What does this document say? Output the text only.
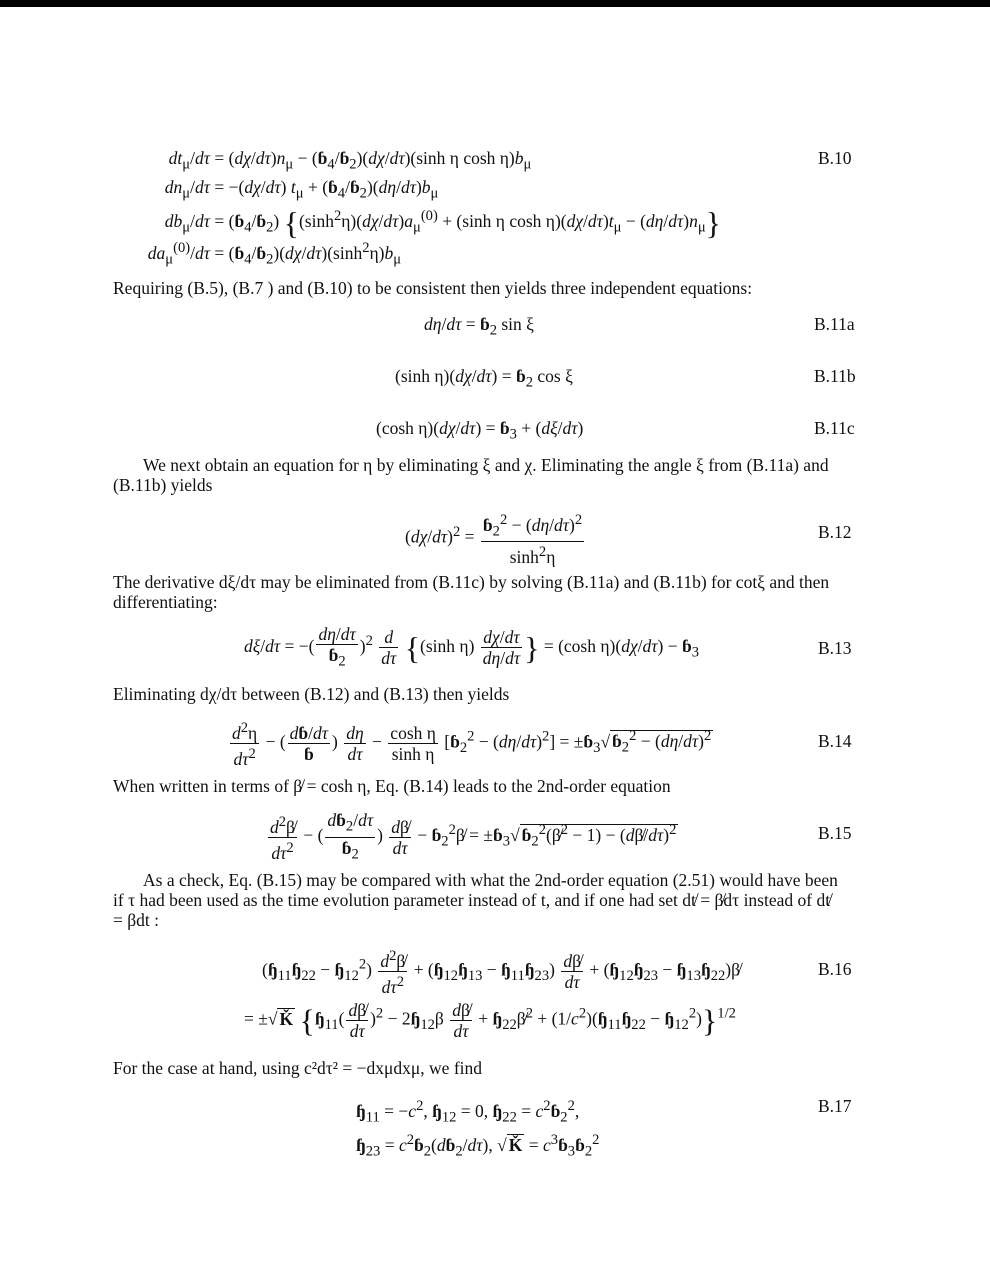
$dt_\mu/d\tau = (d\chi/d\tau)n_\mu$ − (ɓ$_4$/ɓ$_2$)(dχ/dτ)(sinh η $\cosh \eta)b_\mu$	B.10
$dn_\mu/d\tau = -(d\chi/d\tau) t_\mu$ + $(ɓ_4/ɓ_2)(d\eta/d\tau)b_\mu$
$db_\mu/d\tau$ = (ɓ$_4$/ɓ$_2$) {$(\sinh^2\eta)(d\chi/d\tau)a_\mu^{(0)} + (\sinh$ η $\cosh \eta)(d\chi/d\tau)t_\mu - (d\eta/d\tau)n_\mu$}
$da_\mu^{(0)}/d\tau$ = $(ɓ_4/ɓ_2)(d\chi/d\tau)(\sinh^2\eta)b_\mu$

Requiring (B.5), (B.7 ) and (B.10) to be consistent then yields three independent equations:

dη/dτ = ɓ$_2$ sin ξ	B.11a
(sinh η)(dχ/dτ) = ɓ$_2$ cos ξ	B.11b
(cosh η)(dχ/dτ) = ɓ$_3$ + (dξ/dτ)	B.11c

We next obtain an equation for η by eliminating ξ and χ. Eliminating the angle ξ from (B.11a) and (B.11b) yields

$(d\chi/d\tau)^2 = \frac{ɓ_2^2 - (d\eta/d\tau)^2}{\sinh^2\eta}$	B.12

The derivative dξ/dτ may be eliminated from (B.11c) by solving (B.11a) and (B.11b) for cotξ and then differentiating:

dξ/dτ = −( $\frac{d\eta/d\tau}{ɓ_2} )^2 \frac{d}{d\tau} \{(\sinh$ $\eta) \frac{d\chi/d\tau}{d\eta/d\tau}$ } = (cosh η)(dχ/dτ) − ɓ$_3$	B.13

Eliminating dχ/dτ between (B.12) and (B.13) then yields

$\frac{d^2\eta}{d\tau^2}$ − ( $\frac{\text{dɓ/dτ}}{\text{ɓ}}$ ) $\frac{d\eta}{d\tau} - \frac{\text{cosh η}}{\text{sinh η}}$ [ɓ$_2^2$ − $(d\eta/d\tau)^2$] = ±ɓ$_3$√ ɓ$_2^2$ − $(d\eta/d\tau)^2$	B.14

When written in terms of β̸ = cosh η, Eq. (B.14) leads to the 2nd-order equation

$\frac{d^2\beta̸}{d\tau^2}$ − ( $\frac{dɓ_2/d\tau}{ɓ_2}$ ) $\frac{d\beta̸}{d\tau}$ − ɓ$_2^2$β̸ = ±ɓ$_3$√ ɓ$_2^2$(β̸$^2$ − 1) − (dβ̸/dτ)$^2$	B.15

As a check, Eq. (B.15) may be compared with what the 2nd-order equation (2.51) would have been if τ had been used as the time evolution parameter instead of t, and if one had set dt̸ = β̸dτ instead of dt̸ = βdt :

(ɧ$_{11}$ɧ$_{22}$ − ɧ$_{12}^2$) $\frac{d^2\beta̸}{d\tau^2}$ + (ɧ$_{12}$ɧ$_{13}$ − ɧ$_{11}$ɧ$_{23}$) $\frac{d\beta̸}{d\tau}$ + (ɧ$_{12}$ɧ$_{23}$ − ɧ$_{13}$ɧ$_{22}$)β̸	B.16
= ±√ Ǩ {ɧ$_{11}$( $\frac{d\beta̸}{d\tau} )^2$ − 2ɧ$_{12}$β $\frac{d\beta̸}{d\tau}$ + ɧ$_{22}$β̸$^2$ + $(1/c^2)(ɧ_{11}ɧ_{22}$ − ɧ$_{12}^2$)}$^{1/2}$

For the case at hand, using c²dτ² = −dxμdxμ, we find

ɧ$_{11}$ = $-c^2$, ɧ$_{12}$ = 0, ɧ$_{22}$ = $c^2ɓ_2^2$,	B.17
ɧ$_{23}$ = $c^2ɓ_2(dɓ_2/d\tau)$, √ Ǩ = $c^3ɓ_3ɓ_2^2$
